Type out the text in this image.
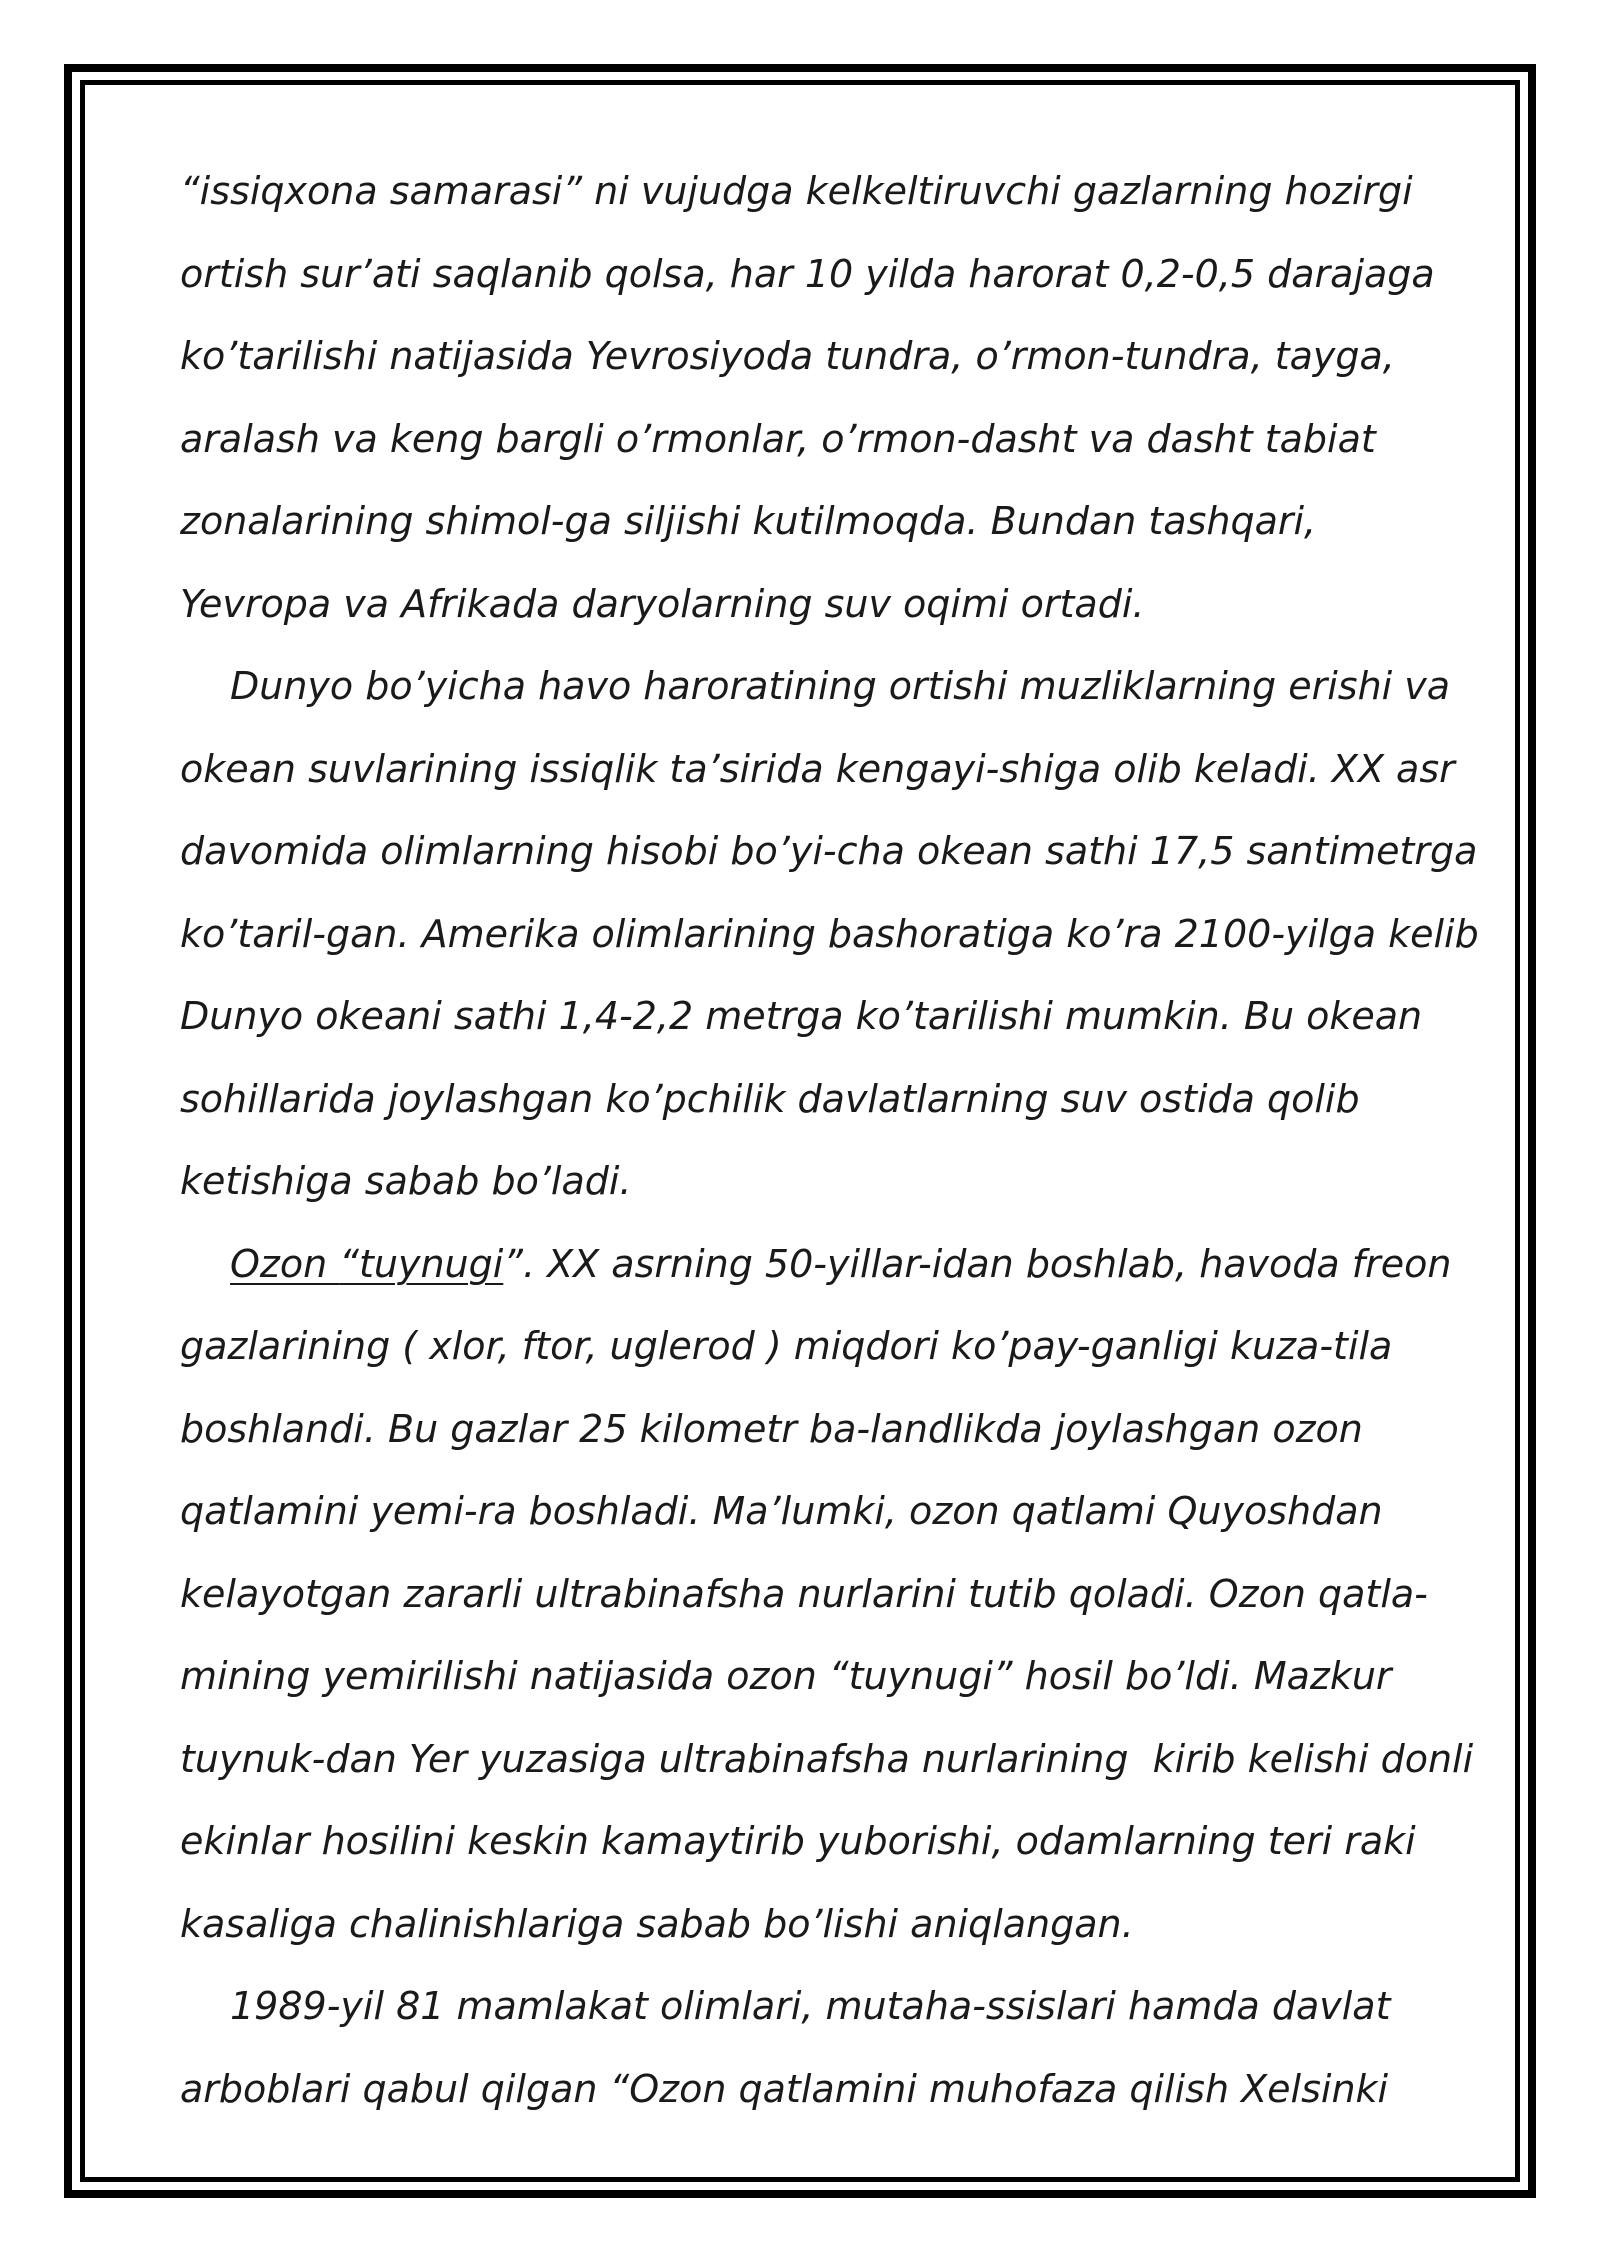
“issiqxona samarasi” ni vujudga kelkeltiruvchi gazlarning hozirgi
ortish sur’ati saqlanib qolsa, har 10 yilda harorat 0,2-0,5 darajaga
ko’tarilishi natijasida Yevrosiyoda tundra, o’rmon-tundra, tayga,
aralash va keng bargli o’rmonlar, o’rmon-dasht va dasht tabiat
zonalarining shimol-ga siljishi kutilmoqda. Bundan tashqari,
Yevropa va Afrikada daryolarning suv oqimi ortadi.
Dunyo bo’yicha havo haroratining ortishi muzliklarning erishi va
okean suvlarining issiqlik ta’sirida kengayi-shiga olib keladi. XX asr
davomida olimlarning hisobi bo’yi-cha okean sathi 17,5 santimetrga
ko’taril-gan. Amerika olimlarining bashoratiga ko’ra 2100-yilga kelib
Dunyo okeani sathi 1,4-2,2 metrga ko’tarilishi mumkin. Bu okean
sohillarida joylashgan ko’pchilik davlatlarning suv ostida qolib
ketishiga sabab bo’ladi.
Ozon “tuynugi”. XX asrning 50-yillar-idan boshlab, havoda freon
gazlarining ( xlor, ftor, uglerod ) miqdori ko’pay-ganligi kuza-tila
boshlandi. Bu gazlar 25 kilometr ba-landlikda joylashgan ozon
qatlamini yemi-ra boshladi. Ma’lumki, ozon qatlami Quyoshdan
kelayotgan zararli ultrabinafsha nurlarini tutib qoladi. Ozon qatla-
mining yemirilishi natijasida ozon “tuynugi” hosil bo’ldi. Mazkur
tuynuk-dan Yer yuzasiga ultrabinafsha nurlarining  kirib kelishi donli
ekinlar hosilini keskin kamaytirib yuborishi, odamlarning teri raki
kasaliga chalinishlariga sabab bo’lishi aniqlangan.
1989-yil 81 mamlakat olimlari, mutaha-ssislari hamda davlat
arboblari qabul qilgan “Ozon qatlamini muhofaza qilish Xelsinki
